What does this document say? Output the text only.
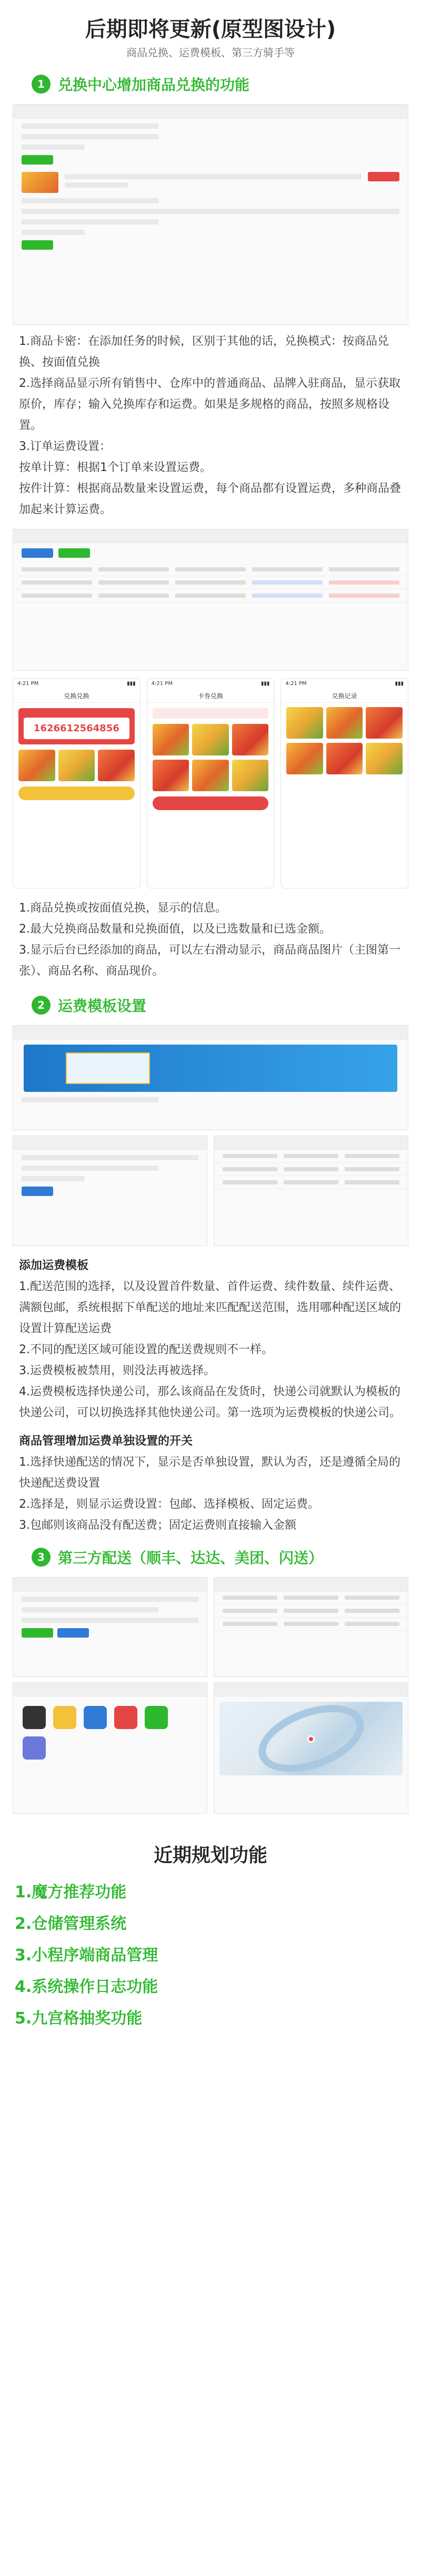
后期即将更新(原型图设计)
商品兑换、运费模板、第三方骑手等
1 兑换中心增加商品兑换的功能

1.商品卡密：在添加任务的时候，区别于其他的话，兑换模式：按商品兑换、按面值兑换

2.选择商品显示所有销售中、仓库中的普通商品、品牌入驻商品，显示获取原价，库存；输入兑换库存和运费。如果是多规格的商品，按照多规格设置。

3.订单运费设置：

按单计算：根据1个订单来设置运费。

按件计算：根据商品数量来设置运费，每个商品都有设置运费，多种商品叠加起来计算运费。

4:21 PM	▮▮▮
兑换兑换
1626612564856
4:21 PM	▮▮▮
卡券兑换
4:21 PM	▮▮▮
兑换记录

1.商品兑换或按面值兑换，显示的信息。

2.最大兑换商品数量和兑换面值，以及已选数量和已选金额。

3.显示后台已经添加的商品，可以左右滑动显示，商品商品图片（主图第一张）、商品名称、商品现价。

2 运费模板设置

添加运费模板

1.配送范围的选择，以及设置首件数量、首件运费、续件数量、续件运费、满额包邮，系统根据下单配送的地址来匹配配送范围，选用哪种配送区域的设置计算配送运费

2.不同的配送区域可能设置的配送费规则不一样。

3.运费模板被禁用，则没法再被选择。

4.运费模板选择快递公司，那么该商品在发货时，快递公司就默认为模板的快递公司，可以切换选择其他快递公司。第一选项为运费模板的快递公司。

商品管理增加运费单独设置的开关

1.选择快递配送的情况下，显示是否单独设置，默认为否，还是遵循全局的快递配送费设置

2.选择是，则显示运费设置：包邮、选择模板、固定运费。

3.包邮则该商品没有配送费；固定运费则直接输入金额

3 第三方配送（顺丰、达达、美团、闪送）
近期规划功能
1.魔方推荐功能
2.仓储管理系统
3.小程序端商品管理
4.系统操作日志功能
5.九宫格抽奖功能
